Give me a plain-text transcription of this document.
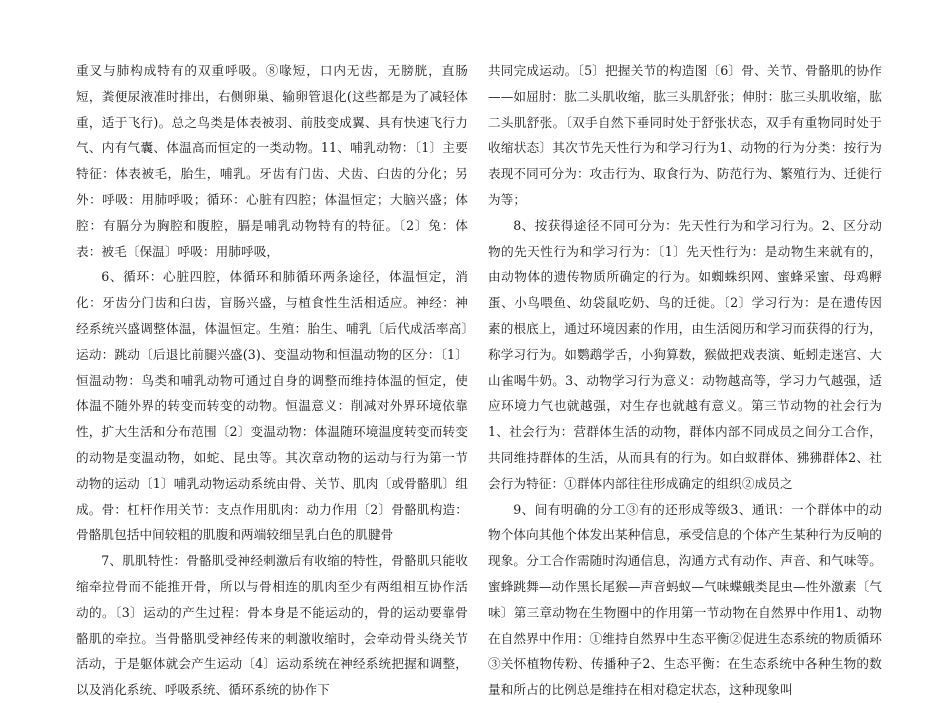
重叉与肺构成特有的双重呼吸。⑧喙短，口内无齿，无膀胱，直肠短，粪便尿液准时排出，右侧卵巢、输卵管退化(这些都是为了减轻体重，适于飞行)。总之鸟类是体表被羽、前肢变成翼、具有快速飞行力气、内有气囊、体温高而恒定的一类动物。11、哺乳动物：〔1〕主要特征：体表被毛，胎生，哺乳。牙齿有门齿、犬齿、臼齿的分化；另外：呼吸：用肺呼吸；循环：心脏有四腔；体温恒定；大脑兴盛；体腔：有膈分为胸腔和腹腔，膈是哺乳动物特有的特征。〔2〕兔：体表：被毛〔保温〕呼吸：用肺呼吸，

6、循环：心脏四腔，体循环和肺循环两条途径，体温恒定，消化：牙齿分门齿和臼齿，盲肠兴盛，与植食性生活相适应。神经：神经系统兴盛调整体温，体温恒定。生殖：胎生、哺乳〔后代成活率高〕运动：跳动〔后退比前腿兴盛(3)、变温动物和恒温动物的区分：〔1〕恒温动物：鸟类和哺乳动物可通过自身的调整而维持体温的恒定，使体温不随外界的转变而转变的动物。恒温意义：削减对外界环境依靠性，扩大生活和分布范围〔2〕变温动物：体温随环境温度转变而转变的动物是变温动物，如蛇、昆虫等。其次章动物的运动与行为第一节动物的运动〔1〕哺乳动物运动系统由骨、关节、肌肉〔或骨骼肌〕组成。骨：杠杆作用关节：支点作用肌肉：动力作用〔2〕骨骼肌构造：骨骼肌包括中间较粗的肌腹和两端较细呈乳白色的肌腱骨

7、肌肌特性：骨骼肌受神经刺激后有收缩的特性，骨骼肌只能收缩牵拉骨而不能推开骨，所以与骨相连的肌肉至少有两组相互协作活动的。〔3〕运动的产生过程：骨本身是不能运动的，骨的运动要靠骨骼肌的牵拉。当骨骼肌受神经传来的刺激收缩时，会牵动骨头绕关节活动，于是躯体就会产生运动〔4〕运动系统在神经系统把握和调整，以及消化系统、呼吸系统、循环系统的协作下

共同完成运动。〔5〕把握关节的构造图〔6〕骨、关节、骨骼肌的协作——如屈肘：肱二头肌收缩，肱三头肌舒张；伸肘：肱三头肌收缩，肱二头肌舒张。〔双手自然下垂同时处于舒张状态，双手有重物同时处于收缩状态〕其次节先天性行为和学习行为1、动物的行为分类：按行为表现不同可分为：攻击行为、取食行为、防范行为、繁殖行为、迁徙行为等；

8、按获得途径不同可分为：先天性行为和学习行为。2、区分动物的先天性行为和学习行为：〔1〕先天性行为：是动物生来就有的，由动物体的遗传物质所确定的行为。如蜘蛛织网、蜜蜂采蜜、母鸡孵蛋、小鸟喂鱼、幼袋鼠吃奶、鸟的迁徙。〔2〕学习行为：是在遗传因素的根底上，通过环境因素的作用，由生活阅历和学习而获得的行为，称学习行为。如鹦鹉学舌，小狗算数，猴做把戏表演、蚯蚓走迷宫、大山雀喝牛奶。3、动物学习行为意义：动物越高等，学习力气越强，适应环境力气也就越强，对生存也就越有意义。第三节动物的社会行为1、社会行为：营群体生活的动物，群体内部不同成员之间分工合作，共同维持群体的生活，从而具有的行为。如白蚁群体、狒狒群体2、社会行为特征：①群体内部往往形成确定的组织②成员之

9、间有明确的分工③有的还形成等级3、通讯：一个群体中的动物个体向其他个体发出某种信息，承受信息的个体产生某种行为反响的现象。分工合作需随时沟通信息，沟通方式有动作、声音、和气味等。蜜蜂跳舞—动作黑长尾猴—声音蚂蚁—气味蝶蛾类昆虫—性外激素〔气味〕第三章动物在生物圈中的作用第一节动物在自然界中作用1、动物在自然界中作用：①维持自然界中生态平衡②促进生态系统的物质循环③关怀植物传粉、传播种子2、生态平衡：在生态系统中各种生物的数量和所占的比例总是维持在相对稳定状态，这种现象叫
